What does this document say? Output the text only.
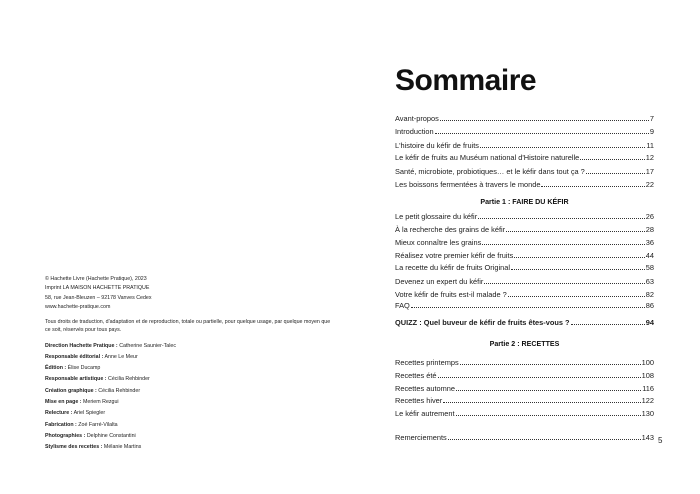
© Hachette Livre (Hachette Pratique), 2023
Imprint LA MAISON HACHETTE PRATIQUE
58, rue Jean-Bleuzen – 92178 Vanves Cedex
www.hachette-pratique.com
Tous droits de traduction, d'adaptation et de reproduction, totale ou partielle, pour quelque usage, par quelque moyen que ce soit, réservés pour tous pays.
Direction Hachette Pratique : Catherine Saunier-Talec
Responsable éditorial : Anne Le Meur
Édition : Élise Ducamp
Responsable artistique : Cécilia Rehbinder
Création graphique : Cécilia Rehbinder
Mise en page : Meriem Rezgui
Relecture : Ariel Spiegler
Fabrication : Zoé Farré-Vilalta
Photographies : Delphine Constantini
Stylisme des recettes : Mélanie Martins
Sommaire
Avant-propos	7
Introduction	9
L'histoire du kéfir de fruits	11
Le kéfir de fruits au Muséum national d'Histoire naturelle	12
Santé, microbiote, probiotiques… et le kéfir dans tout ça ?	17
Les boissons fermentées à travers le monde	22
Partie 1 : FAIRE DU KÉFIR
Le petit glossaire du kéfir	26
À la recherche des grains de kéfir	28
Mieux connaître les grains	36
Réalisez votre premier kéfir de fruits	44
La recette du kéfir de fruits Original	58
Devenez un expert du kéfir	63
Votre kéfir de fruits est-il malade ?	82
FAQ	86
QUIZZ : Quel buveur de kéfir de fruits êtes-vous ?	94
Partie 2 : RECETTES
Recettes printemps	100
Recettes été	108
Recettes automne	116
Recettes hiver	122
Le kéfir autrement	130
Remerciements	143 5
